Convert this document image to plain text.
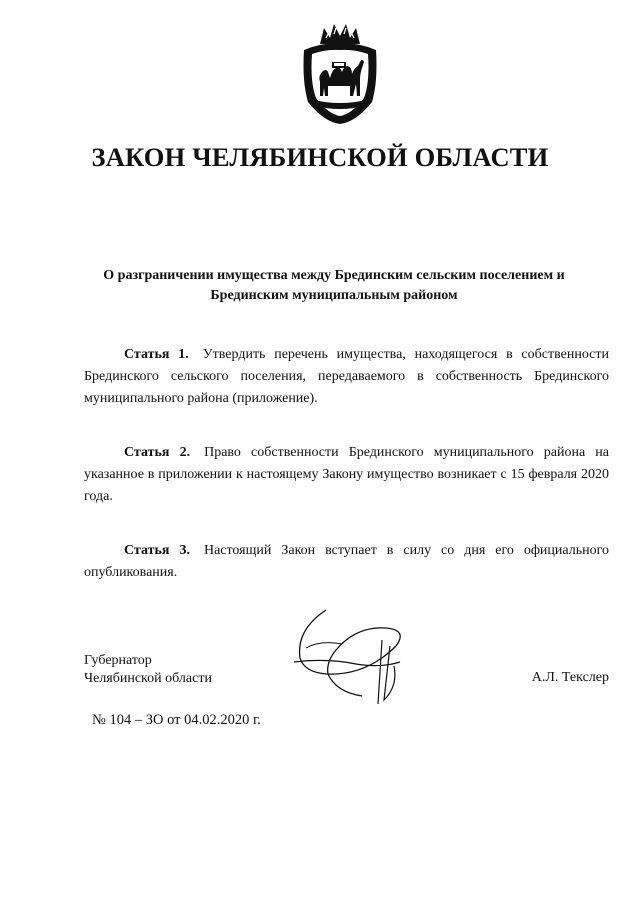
ЗАКОН ЧЕЛЯБИНСКОЙ ОБЛАСТИ
О разграничении имущества между Брединским сельским поселением и
Брединским муниципальным районом

Статья 1. Утвердить перечень имущества, находящегося в собственности Брединского сельского поселения, передаваемого в собственность Брединского муниципального района (приложение).

Статья 2. Право собственности Брединского муниципального района на указанное в приложении к настоящему Закону имущество возникает с 15 февраля 2020 года.

Статья 3. Настоящий Закон вступает в силу со дня его официального опубликования.

Губернатор
Челябинской области	А.Л. Текслер
№ 104 – ЗО от 04.02.2020 г.
